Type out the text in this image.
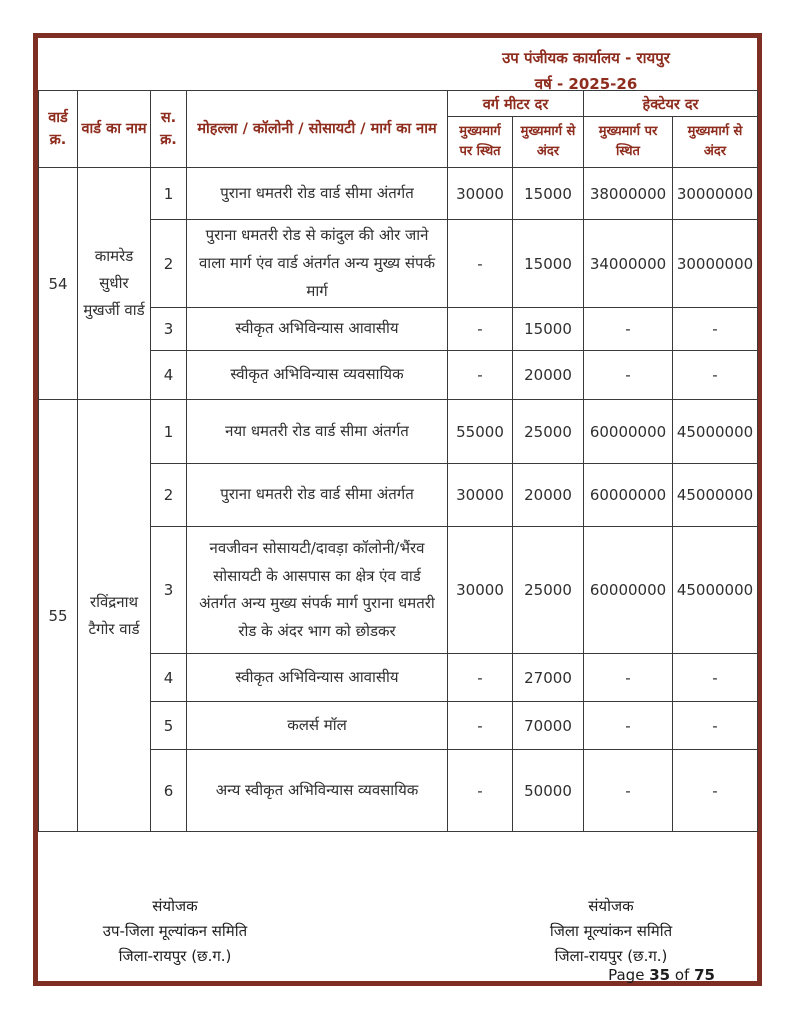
उप पंजीयक कार्यालय - रायपुर
वर्ष - 2025-26
वार्ड क्र.	वार्ड का नाम	स. क्र.	मोहल्ला / कॉलोनी / सोसायटी / मार्ग का नाम	वर्ग मीटर दर		हेक्टेयर दर	
				मुख्यमार्ग पर स्थित	मुख्यमार्ग से अंदर	मुख्यमार्ग पर स्थित	मुख्यमार्ग से अंदर
54	कामरेड सुधीर मुखर्जी वार्ड	1	पुराना धमतरी रोड वार्ड सीमा अंतर्गत	30000	15000	38000000	30000000
		2	पुराना धमतरी रोड से कांदुल की ओर जाने वाला मार्ग एंव वार्ड अंतर्गत अन्य मुख्य संपर्क मार्ग	-	15000	34000000	30000000
		3	स्वीकृत अभिविन्यास आवासीय	-	15000	-	-
		4	स्वीकृत अभिविन्यास व्यवसायिक	-	20000	-	-
55	रविंद्रनाथ टैगोर वार्ड	1	नया धमतरी रोड वार्ड सीमा अंतर्गत	55000	25000	60000000	45000000
		2	पुराना धमतरी रोड वार्ड सीमा अंतर्गत	30000	20000	60000000	45000000
		3	नवजीवन सोसायटी/दावड़ा कॉलोनी/भैंरव सोसायटी के आसपास का क्षेत्र एंव वार्ड अंतर्गत अन्य मुख्य संपर्क मार्ग पुराना धमतरी रोड के अंदर भाग को छोडकर	30000	25000	60000000	45000000
		4	स्वीकृत अभिविन्यास आवासीय	-	27000	-	-
		5	कलर्स मॉल	-	70000	-	-
		6	अन्य स्वीकृत अभिविन्यास व्यवसायिक	-	50000	-	-
संयोजक
उप-जिला मूल्यांकन समिति
जिला-रायपुर (छ.ग.)
संयोजक
जिला मूल्यांकन समिति
जिला-रायपुर (छ.ग.)
Page 35 of 75
